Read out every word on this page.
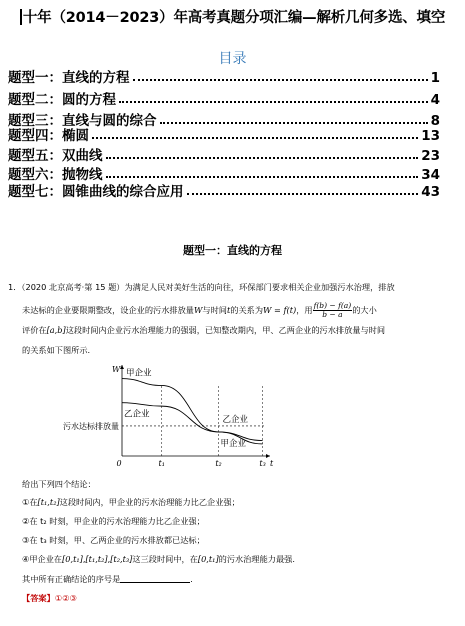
十年（2014－2023）年高考真题分项汇编—解析几何多选、填空
目录
题型一：直线的方程	1
题型二：圆的方程	4
题型三：直线与圆的综合	8
题型四：椭圆	13
题型五：双曲线	23
题型六：抛物线	34
题型七：圆锥曲线的综合应用	43
题型一：直线的方程
1．（2020 北京高考·第 15 题）为满足人民对美好生活的向往，环保部门要求相关企业加强污水治理，排放
未达标的企业要限期整改，设企业的污水排放量W与时间t的关系为W = f(t)，用 $\frac{f(b) - f(a)}{b - a}$ 的大小
评价在[a,b]这段时间内企业污水治理能力的强弱，已知整改期内，甲、乙两企业的污水排放量与时间
的关系如下图所示.
污水达标排放量
0	t₁	t₂	t₃ t
W 甲企业
乙企业
乙企业
甲企业
给出下列四个结论：
①在[t₁,t₂]这段时间内，甲企业的污水治理能力比乙企业强；
②在 t₂ 时刻，甲企业的污水治理能力比乙企业强；
③在 t₃ 时刻，甲、乙两企业的污水排放都已达标；
④甲企业在[0,t₁],[t₁,t₂],[t₂,t₃]这三段时间中，在[0,t₁]的污水治理能力最强.
其中所有正确结论的序号是	.
【答案】①②③
